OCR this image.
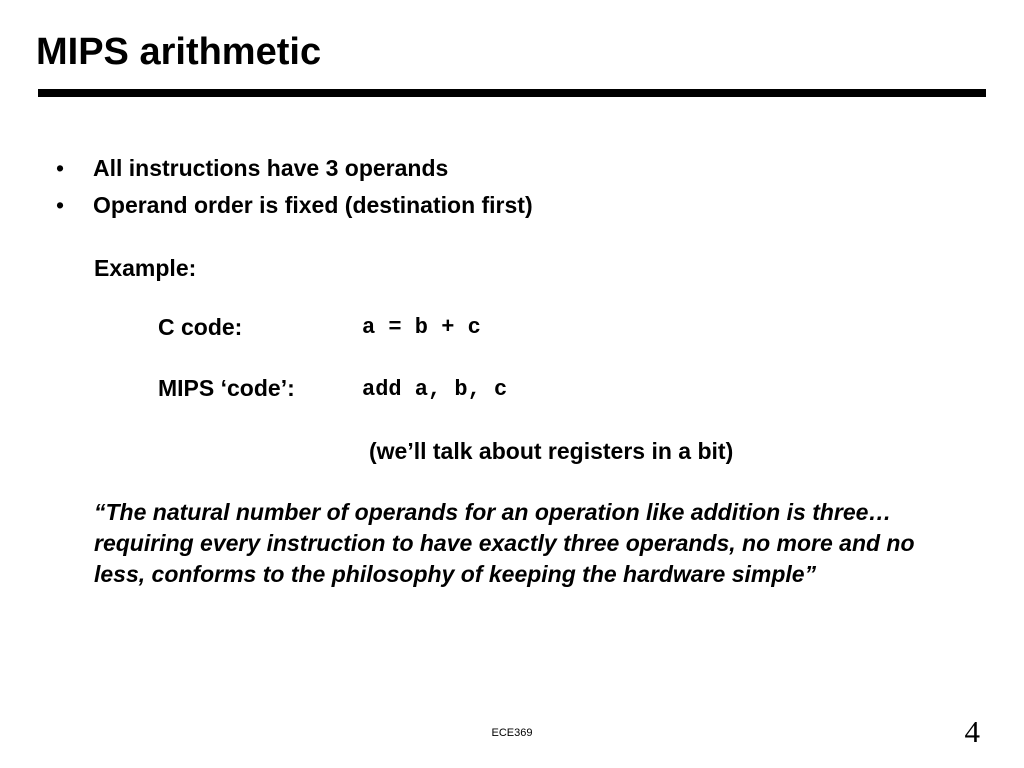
MIPS arithmetic
• All instructions have 3 operands
• Operand order is fixed (destination first)
Example:
C code:	a = b + c
MIPS ‘code’:	add a, b, c
(we’ll talk about registers in a bit)

“The natural number of operands for an operation like addition is three…requiring every instruction to have exactly three operands, no more and no less, conforms to the philosophy of keeping the hardware simple”

ECE369	4
